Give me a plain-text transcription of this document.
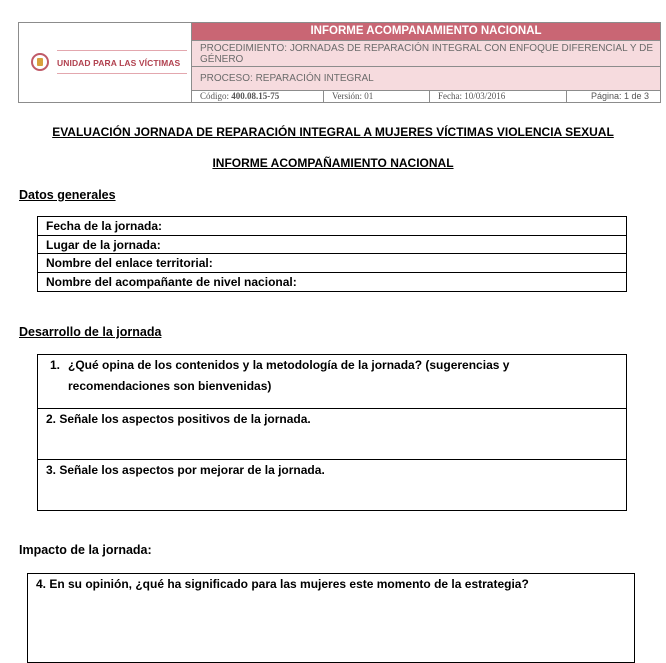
UNIDAD PARA LAS VÍCTIMAS
INFORME ACOMPANAMIENTO NACIONAL
PROCEDIMIENTO: JORNADAS DE REPARACIÓN INTEGRAL CON ENFOQUE DIFERENCIAL Y DE GÉNERO
PROCESO: REPARACIÓN INTEGRAL
Código: 400.08.15-75	Versión: 01	Fecha: 10/03/2016	Página: 1 de 3
EVALUACIÓN JORNADA DE REPARACIÓN INTEGRAL A MUJERES VÍCTIMAS VIOLENCIA SEXUAL
INFORME ACOMPAÑAMIENTO NACIONAL
Datos generales
Fecha de la jornada:
Lugar de la jornada:
Nombre del enlace territorial:
Nombre del acompañante de nivel nacional:
Desarrollo de la jornada
1. ¿Qué opina de los contenidos y la metodología de la jornada? (sugerencias y recomendaciones son bienvenidas)
2. Señale los aspectos positivos de la jornada.
3. Señale los aspectos por mejorar de la jornada.
Impacto de la jornada:
4. En su opinión, ¿qué ha significado para las mujeres este momento de la estrategia?
